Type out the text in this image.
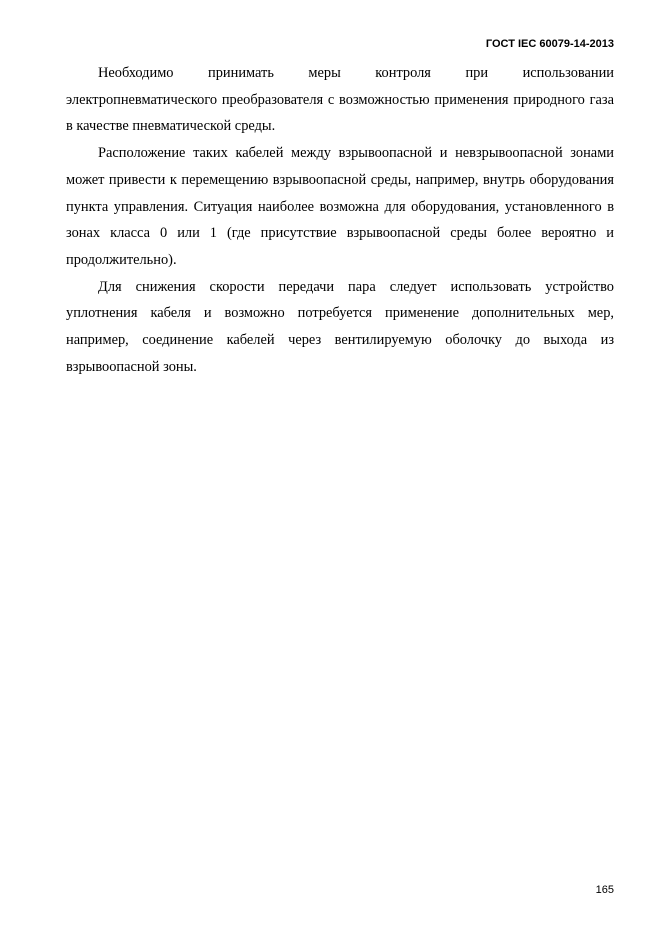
ГОСТ IEC 60079-14-2013

Необходимо принимать меры контроля при использовании электропневматического преобразователя с возможностью применения природного газа в качестве пневматической среды.

Расположение таких кабелей между взрывоопасной и невзрывоопасной зонами может привести к перемещению взрывоопасной среды, например, внутрь оборудования пункта управления. Ситуация наиболее возможна для оборудования, установленного в зонах класса 0 или 1 (где присутствие взрывоопасной среды более вероятно и продолжительно).

Для снижения скорости передачи пара следует использовать устройство уплотнения кабеля и возможно потребуется применение дополнительных мер, например, соединение кабелей через вентилируемую оболочку до выхода из взрывоопасной зоны.

165
